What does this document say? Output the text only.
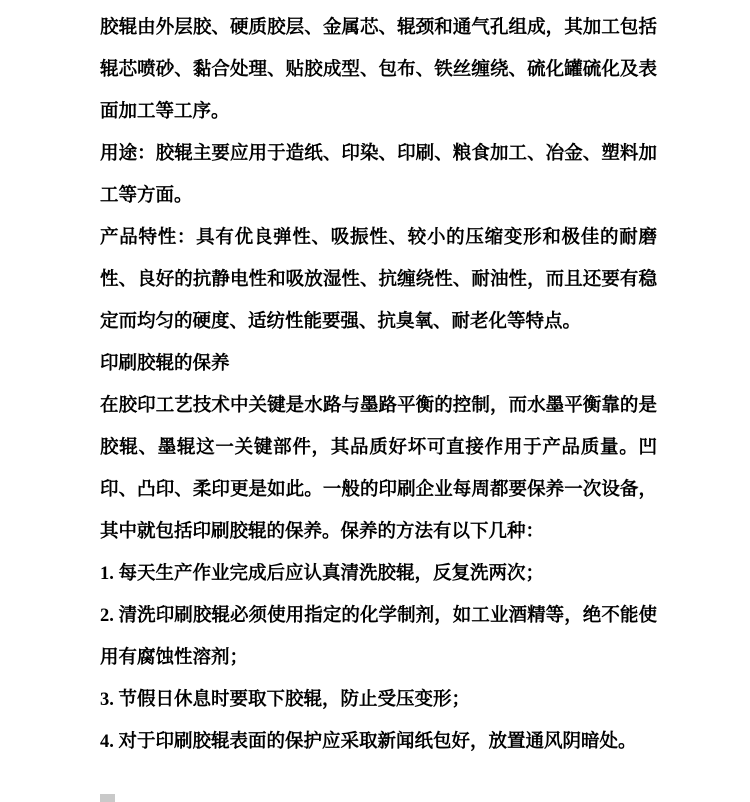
胶辊由外层胶、硬质胶层、金属芯、辊颈和通气孔组成，其加工包括辊芯喷砂、黏合处理、贴胶成型、包布、铁丝缠绕、硫化罐硫化及表面加工等工序。

用途：胶辊主要应用于造纸、印染、印刷、粮食加工、冶金、塑料加工等方面。

产品特性：具有优良弹性、吸振性、较小的压缩变形和极佳的耐磨性、良好的抗静电性和吸放湿性、抗缠绕性、耐油性，而且还要有稳定而均匀的硬度、适纺性能要强、抗臭氧、耐老化等特点。

印刷胶辊的保养

在胶印工艺技术中关键是水路与墨路平衡的控制，而水墨平衡靠的是胶辊、墨辊这一关键部件，其品质好坏可直接作用于产品质量。凹印、凸印、柔印更是如此。一般的印刷企业每周都要保养一次设备，其中就包括印刷胶辊的保养。保养的方法有以下几种：

1. 每天生产作业完成后应认真清洗胶辊，反复洗两次；

2. 清洗印刷胶辊必须使用指定的化学制剂，如工业酒精等，绝不能使用有腐蚀性溶剂；

3. 节假日休息时要取下胶辊，防止受压变形；

4. 对于印刷胶辊表面的保护应采取新闻纸包好，放置通风阴暗处。
